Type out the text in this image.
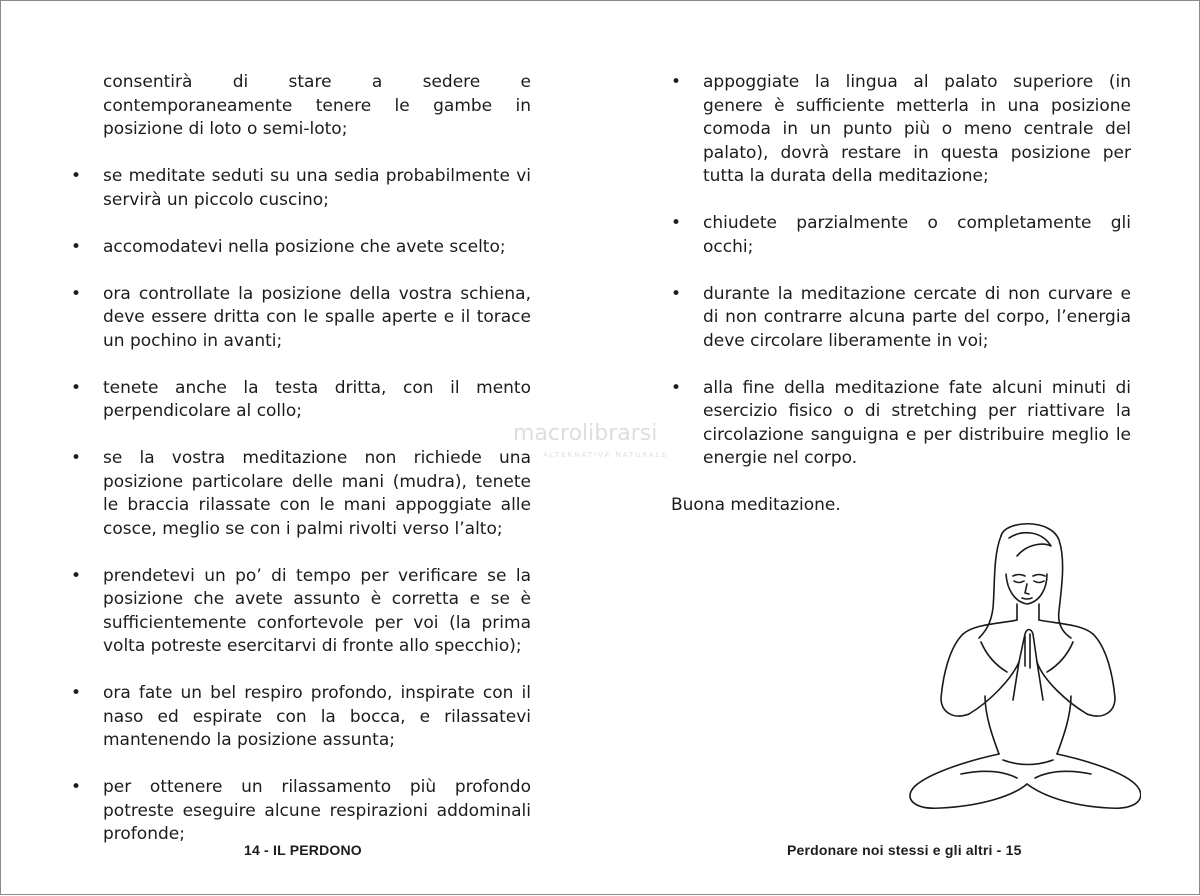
consentirà di stare a sedere e contemporaneamente tenere le gambe in posizione di loto o semi-loto;

• se meditate seduti su una sedia probabilmente vi servirà un piccolo cuscino;

• accomodatevi nella posizione che avete scelto;

• ora controllate la posizione della vostra schiena, deve essere dritta con le spalle aperte e il torace un pochino in avanti;

• tenete anche la testa dritta, con il mento perpendicolare al collo;

• se la vostra meditazione non richiede una posizione particolare delle mani (mudra), tenete le braccia rilassate con le mani appoggiate alle cosce, meglio se con i palmi rivolti verso l’alto;

• prendetevi un po’ di tempo per verificare se la posizione che avete assunto è corretta e se è sufficientemente confortevole per voi (la prima volta potreste esercitarvi di fronte allo specchio);

• ora fate un bel respiro profondo, inspirate con il naso ed espirate con la bocca, e rilassatevi mantenendo la posizione assunta;

• per ottenere un rilassamento più profondo potreste eseguire alcune respirazioni addominali profonde;

14 - IL PERDONO

• appoggiate la lingua al palato superiore (in genere è sufficiente metterla in una posizione comoda in un punto più o meno centrale del palato), dovrà restare in questa posizione per tutta la durata della meditazione;

• chiudete parzialmente o completamente gli occhi;

• durante la meditazione cercate di non curvare e di non contrarre alcuna parte del corpo, l’energia deve circolare liberamente in voi;

• alla fine della meditazione fate alcuni minuti di esercizio fisico o di stretching per riattivare la circolazione sanguigna e per distribuire meglio le energie nel corpo.

Buona meditazione.

Perdonare noi stessi e gli altri - 15
macrolibrarsi
ALTERNATIVA NATURALE
